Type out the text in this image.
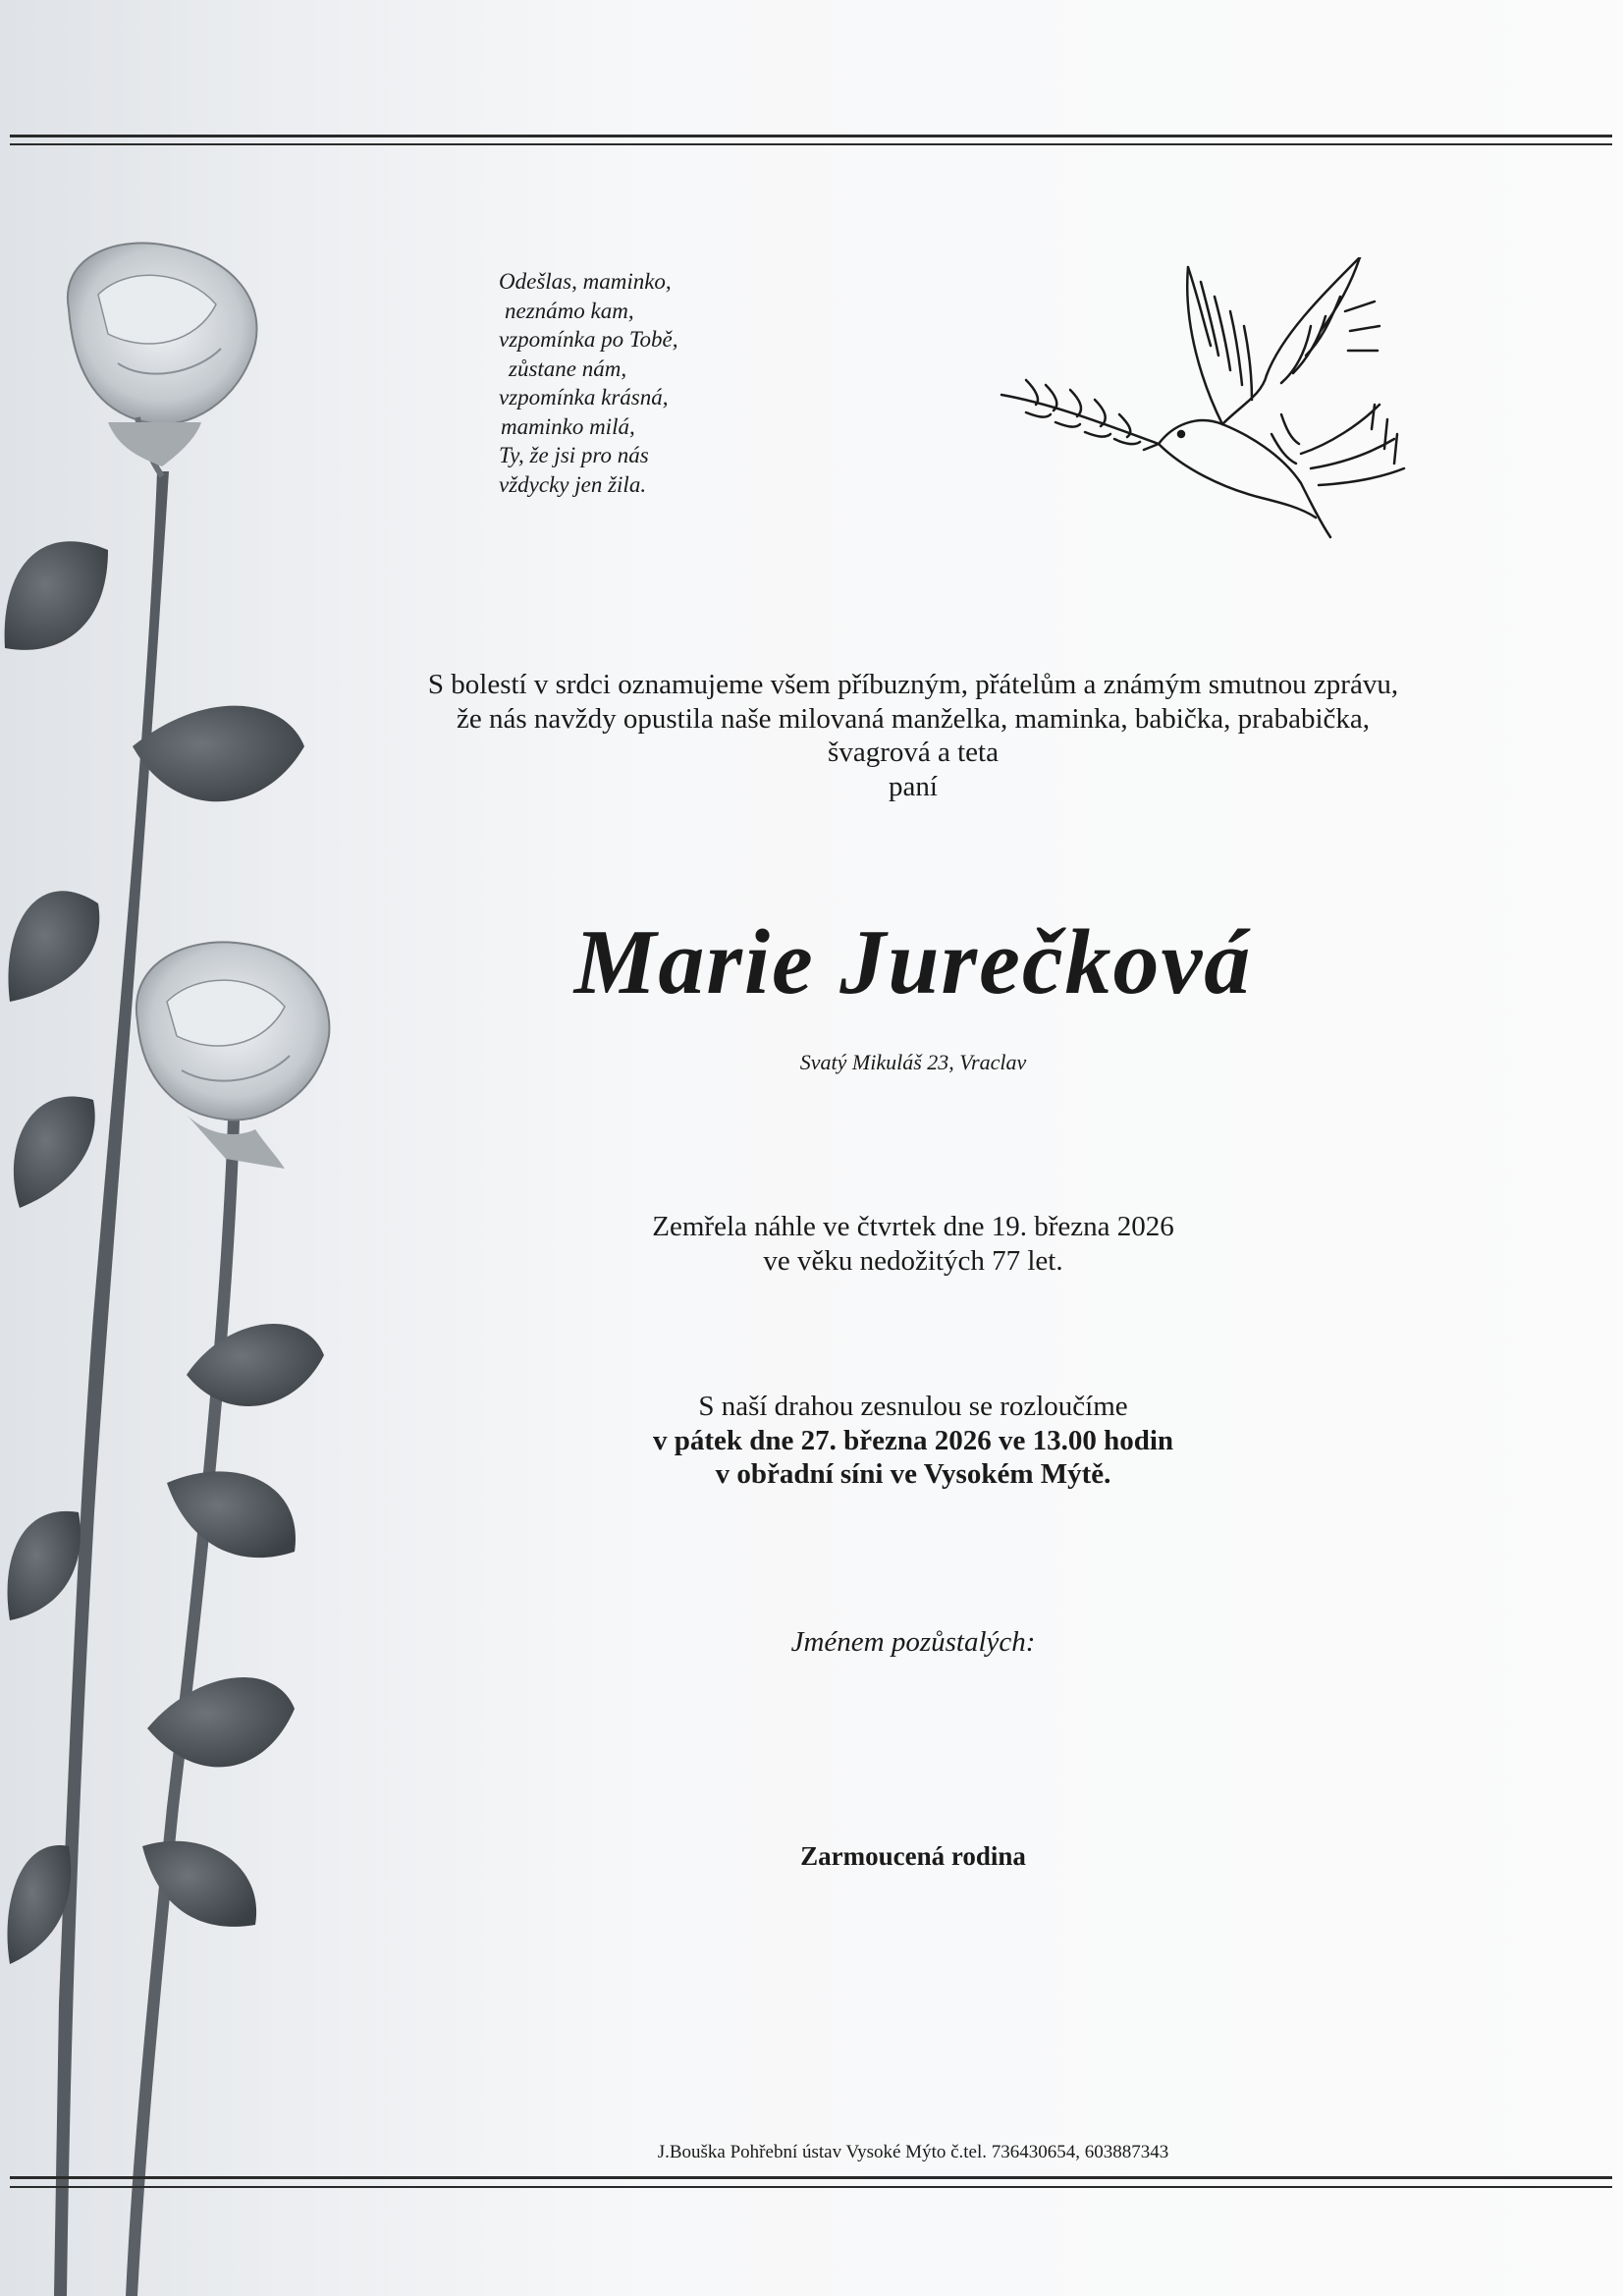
Odešlas, maminko,
neznámo kam,
vzpomínka po Tobě,
zůstane nám,
vzpomínka krásná,
maminko milá,
Ty, že jsi pro nás
vždycky jen žila.
S bolestí v srdci oznamujeme všem příbuzným, přátelům a známým smutnou zprávu,
že nás navždy opustila naše milovaná manželka, maminka, babička, prababička,
švagrová a teta
paní
Marie Jurečková
Svatý Mikuláš 23, Vraclav
Zemřela náhle ve čtvrtek dne 19. března 2026
ve věku nedožitých 77 let.
S naší drahou zesnulou se rozloučíme
v pátek dne 27. března 2026 ve 13.00 hodin
v obřadní síni ve Vysokém Mýtě.
Jménem pozůstalých:
Zarmoucená rodina
J.Bouška Pohřební ústav Vysoké Mýto č.tel. 736430654, 603887343
